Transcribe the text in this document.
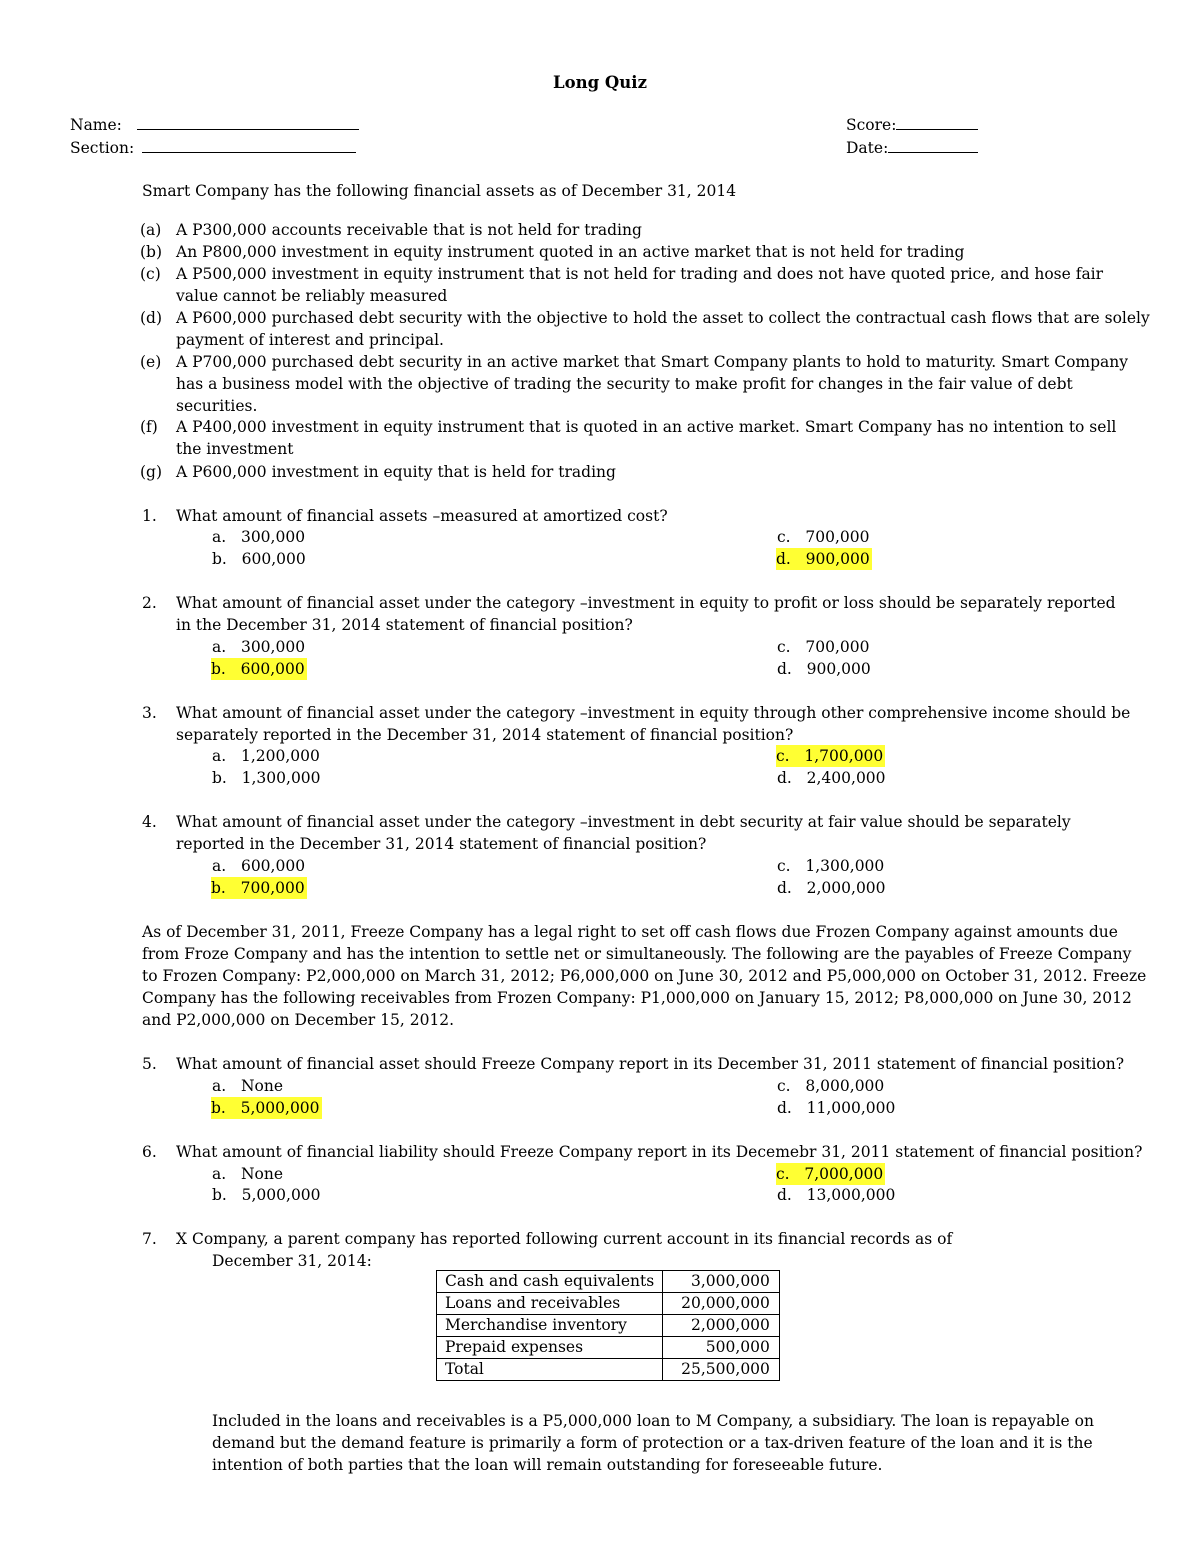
Long Quiz
Name:
Section:
Score:
Date:
Smart Company has the following financial assets as of December 31, 2014
(a) A P300,000 accounts receivable that is not held for trading
(b) An P800,000 investment in equity instrument quoted in an active market that is not held for trading
(c) A P500,000 investment in equity instrument that is not held for trading and does not have quoted price, and hose fair
value cannot be reliably measured
(d) A P600,000 purchased debt security with the objective to hold the asset to collect the contractual cash flows that are solely
payment of interest and principal.
(e) A P700,000 purchased debt security in an active market that Smart Company plants to hold to maturity. Smart Company
has a business model with the objective of trading the security to make profit for changes in the fair value of debt
securities.
(f) A P400,000 investment in equity instrument that is quoted in an active market. Smart Company has no intention to sell
the investment
(g) A P600,000 investment in equity that is held for trading
1. What amount of financial assets –measured at amortized cost?
a. 300,000
b. 600,000
c. 700,000
d. 900,000
2. What amount of financial asset under the category –investment in equity to profit or loss should be separately reported
in the December 31, 2014 statement of financial position?
a. 300,000
b. 600,000
c. 700,000
d. 900,000
3. What amount of financial asset under the category –investment in equity through other comprehensive income should be
separately reported in the December 31, 2014 statement of financial position?
a. 1,200,000
b. 1,300,000
c. 1,700,000
d. 2,400,000
4. What amount of financial asset under the category –investment in debt security at fair value should be separately
reported in the December 31, 2014 statement of financial position?
a. 600,000
b. 700,000
c. 1,300,000
d. 2,000,000
As of December 31, 2011, Freeze Company has a legal right to set off cash flows due Frozen Company against amounts due
from Froze Company and has the intention to settle net or simultaneously. The following are the payables of Freeze Company
to Frozen Company: P2,000,000 on March 31, 2012; P6,000,000 on June 30, 2012 and P5,000,000 on October 31, 2012. Freeze
Company has the following receivables from Frozen Company: P1,000,000 on January 15, 2012; P8,000,000 on June 30, 2012
and P2,000,000 on December 15, 2012.
5. What amount of financial asset should Freeze Company report in its December 31, 2011 statement of financial position?
a. None
b. 5,000,000
c. 8,000,000
d. 11,000,000
6. What amount of financial liability should Freeze Company report in its Decemebr 31, 2011 statement of financial position?
a. None
b. 5,000,000
c. 7,000,000
d. 13,000,000
7. X Company, a parent company has reported following current account in its financial records as of
December 31, 2014:
Cash and cash equivalents	3,000,000
Loans and receivables	20,000,000
Merchandise inventory	2,000,000
Prepaid expenses	500,000
Total	25,500,000
Included in the loans and receivables is a P5,000,000 loan to M Company, a subsidiary. The loan is repayable on
demand but the demand feature is primarily a form of protection or a tax-driven feature of the loan and it is the
intention of both parties that the loan will remain outstanding for foreseeable future.
